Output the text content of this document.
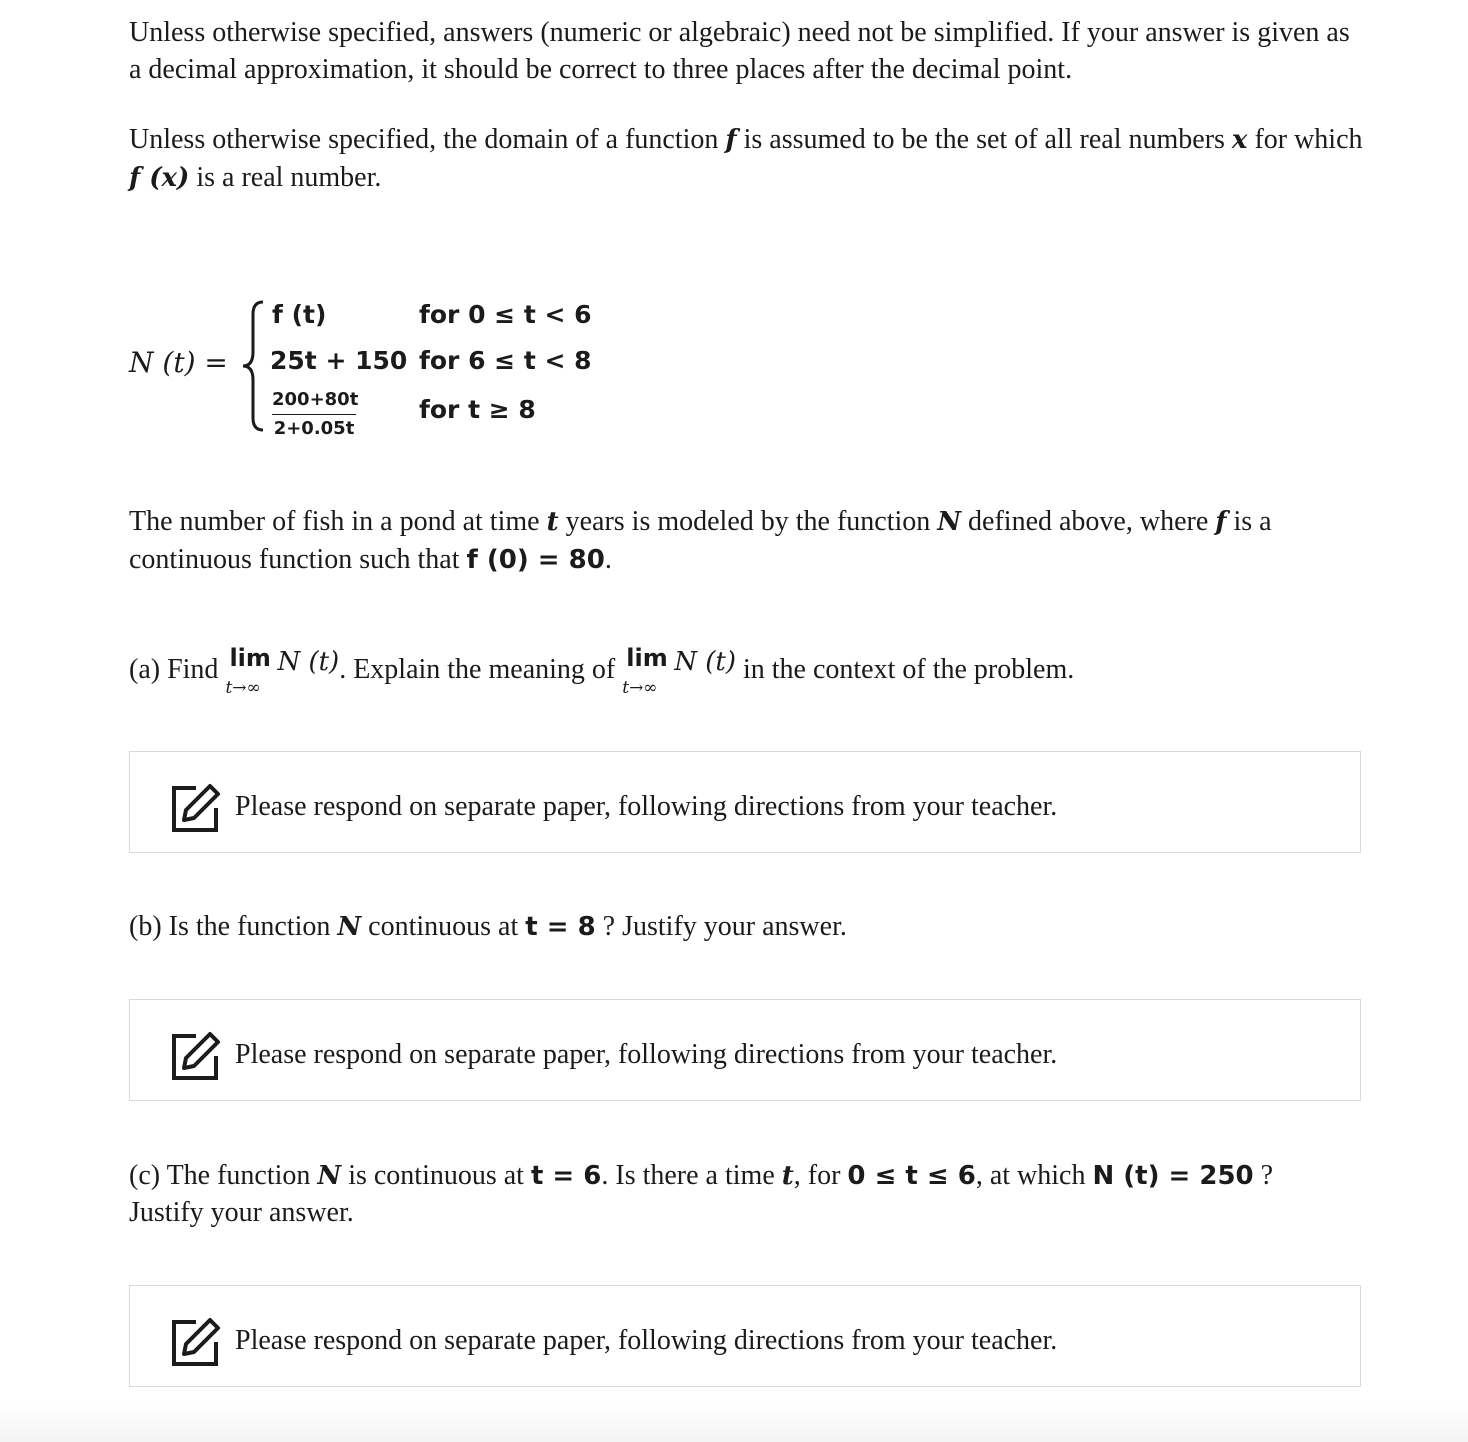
Unless otherwise specified, answers (numeric or algebraic) need not be simplified. If your answer is given as a decimal approximation, it should be correct to three places after the decimal point.

Unless otherwise specified, the domain of a function f is assumed to be the set of all real numbers x for which f (x) is a real number.

N (t) =
f (t)	for 0 ≤ t < 6
25t + 150 for 6 ≤ t < 8
$\frac{200+80t}{2+0.05t}$	for t ≥ 8

The number of fish in a pond at time t years is modeled by the function N defined above, where f is a continuous function such that f (0) = 80.

(a) Find lim
t→∞
N (t). Explain the meaning of lim
t→∞
N (t) in the context of the problem.
Please respond on separate paper, following directions from your teacher.
(b) Is the function N continuous at t = 8 ? Justify your answer.
Please respond on separate paper, following directions from your teacher.
(c) The function N is continuous at t = 6. Is there a time t, for 0 ≤ t ≤ 6, at which N (t) = 250 ?
Justify your answer.
Please respond on separate paper, following directions from your teacher.
